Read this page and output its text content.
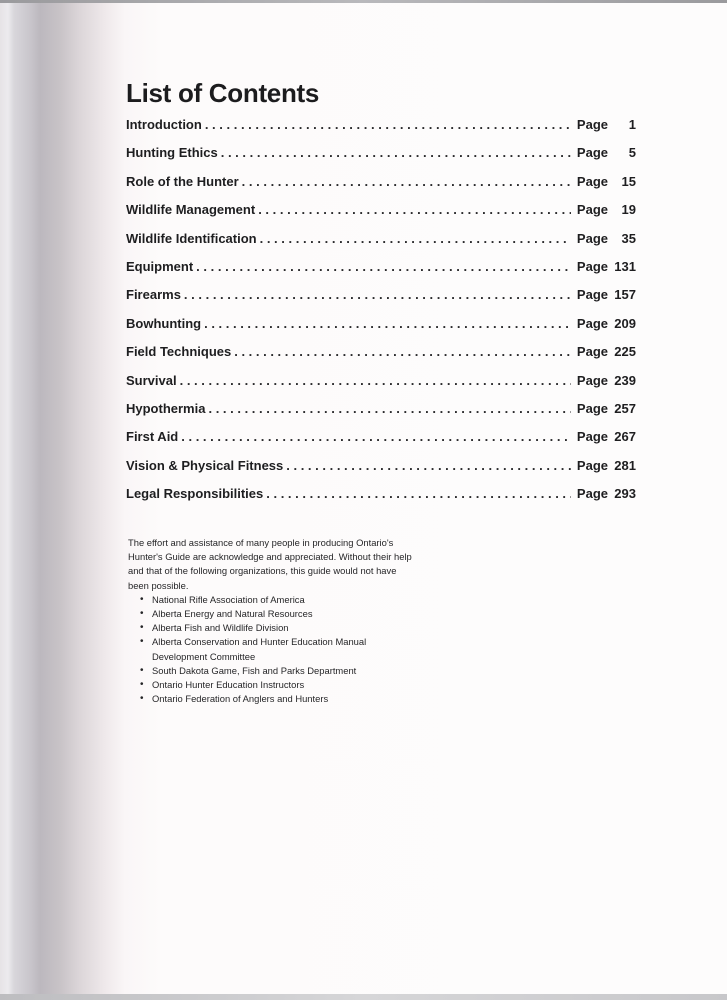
List of Contents
Introduction . . .	Page	1
Hunting Ethics . . .	Page	5
Role of the Hunter . . .	Page	15
Wildlife Management . . .	Page	19
Wildlife Identification . . .	Page	35
Equipment . . .	Page 131
Firearms . . .	Page 157
Bowhunting . . .	Page 209
Field Techniques . . .	Page 225
Survival . . .	Page 239
Hypothermia . . .	Page 257
First Aid . . .	Page 267
Vision & Physical Fitness . . .	Page 281
Legal Responsibilities . . .	Page 293

The effort and assistance of many people in producing Ontario's Hunter's Guide are acknowledge and appreciated. Without their help and that of the following organizations, this guide would not have been possible.

• National Rifle Association of America
• Alberta Energy and Natural Resources
• Alberta Fish and Wildlife Division
• Alberta Conservation and Hunter Education Manual Development Committee
• South Dakota Game, Fish and Parks Department
• Ontario Hunter Education Instructors
• Ontario Federation of Anglers and Hunters
